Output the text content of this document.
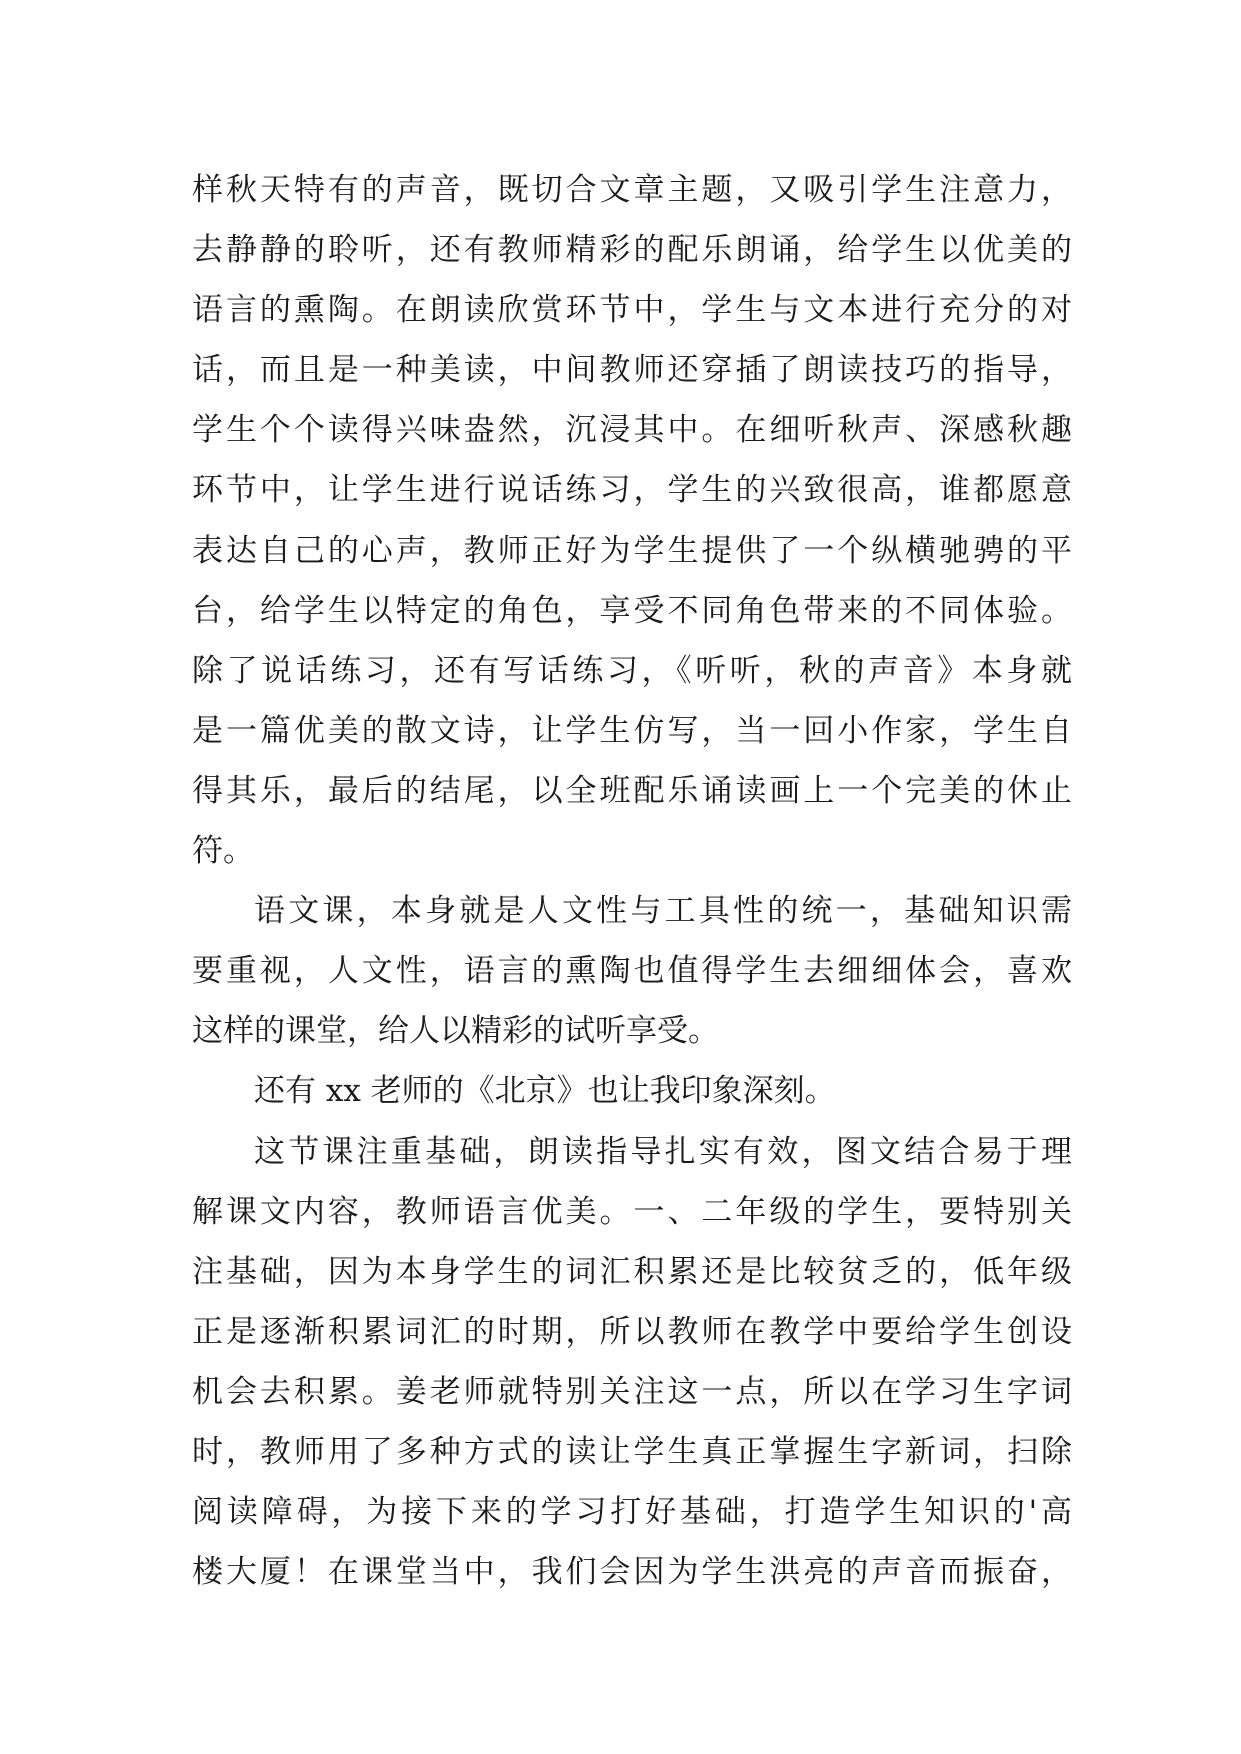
样秋天特有的声音，既切合文章主题，又吸引学生注意力，
去静静的聆听，还有教师精彩的配乐朗诵，给学生以优美的
语言的熏陶。在朗读欣赏环节中，学生与文本进行充分的对
话，而且是一种美读，中间教师还穿插了朗读技巧的指导，
学生个个读得兴味盎然，沉浸其中。在细听秋声、深感秋趣
环节中，让学生进行说话练习，学生的兴致很高，谁都愿意
表达自己的心声，教师正好为学生提供了一个纵横驰骋的平
台，给学生以特定的角色，享受不同角色带来的不同体验。
除了说话练习，还有写话练习，《听听，秋的声音》本身就
是一篇优美的散文诗，让学生仿写，当一回小作家，学生自
得其乐，最后的结尾，以全班配乐诵读画上一个完美的休止
符。
语文课，本身就是人文性与工具性的统一，基础知识需
要重视，人文性，语言的熏陶也值得学生去细细体会，喜欢
这样的课堂，给人以精彩的试听享受。
还有 xx 老师的《北京》也让我印象深刻。
这节课注重基础，朗读指导扎实有效，图文结合易于理
解课文内容，教师语言优美。一、二年级的学生，要特别关
注基础，因为本身学生的词汇积累还是比较贫乏的，低年级
正是逐渐积累词汇的时期，所以教师在教学中要给学生创设
机会去积累。姜老师就特别关注这一点，所以在学习生字词
时，教师用了多种方式的读让学生真正掌握生字新词，扫除
阅读障碍，为接下来的学习打好基础，打造学生知识的'高
楼大厦！在课堂当中，我们会因为学生洪亮的声音而振奋，
